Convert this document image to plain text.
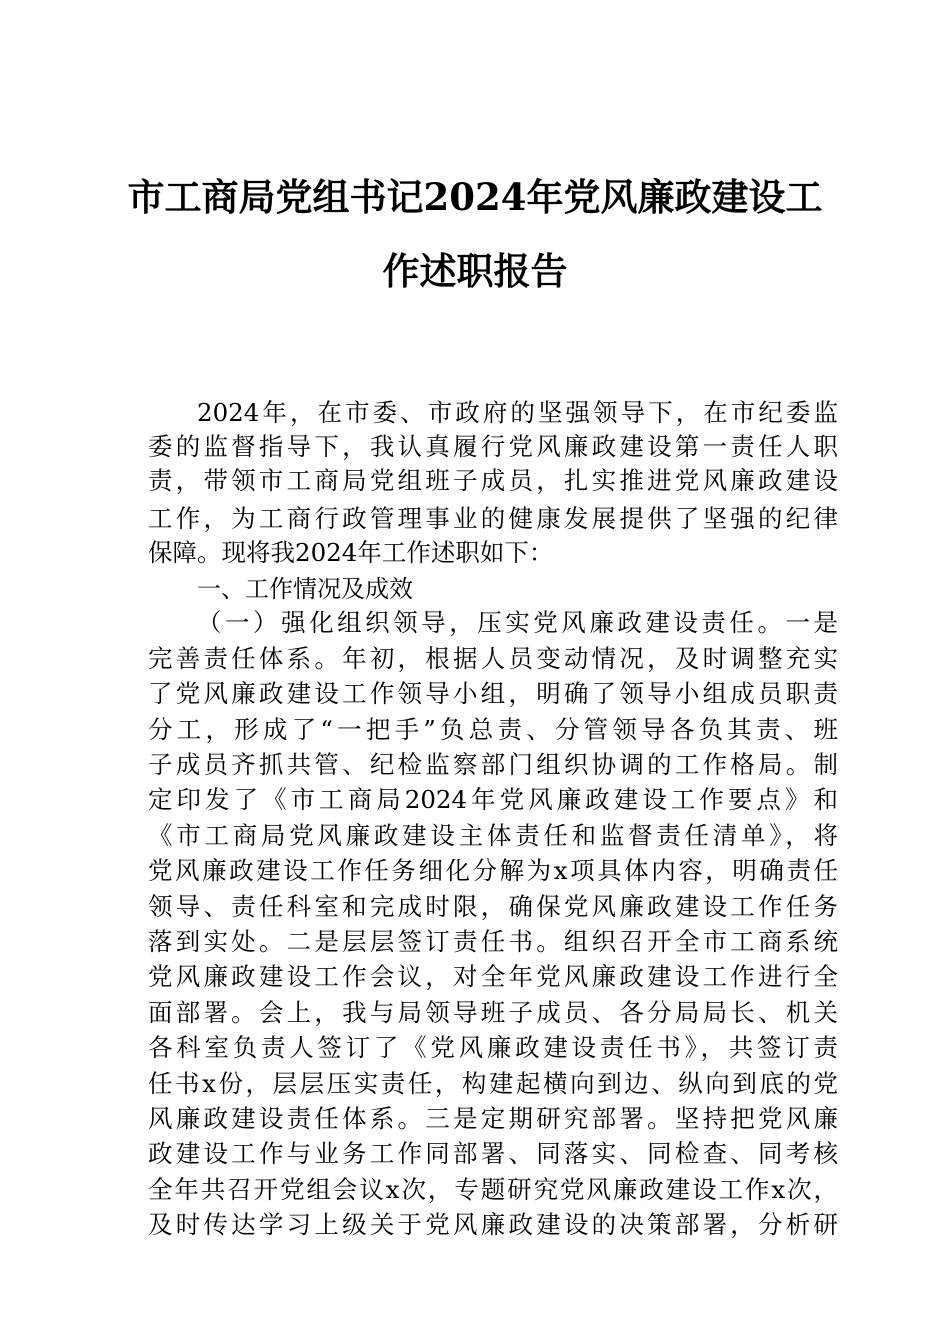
市工商局党组书记2024年党风廉政建设工
作述职报告
2024年，在市委、市政府的坚强领导下，在市纪委监
委的监督指导下，我认真履行党风廉政建设第一责任人职
责，带领市工商局党组班子成员，扎实推进党风廉政建设
工作，为工商行政管理事业的健康发展提供了坚强的纪律
保障。现将我2024年工作述职如下：
一、工作情况及成效
（一）强化组织领导，压实党风廉政建设责任。一是
完善责任体系。年初，根据人员变动情况，及时调整充实
了党风廉政建设工作领导小组，明确了领导小组成员职责
分工，形成了“一把手”负总责、分管领导各负其责、班
子成员齐抓共管、纪检监察部门组织协调的工作格局。制
定印发了《市工商局2024年党风廉政建设工作要点》和
《市工商局党风廉政建设主体责任和监督责任清单》，将
党风廉政建设工作任务细化分解为x项具体内容，明确责任
领导、责任科室和完成时限，确保党风廉政建设工作任务
落到实处。二是层层签订责任书。组织召开全市工商系统
党风廉政建设工作会议，对全年党风廉政建设工作进行全
面部署。会上，我与局领导班子成员、各分局局长、机关
各科室负责人签订了《党风廉政建设责任书》，共签订责
任书x份，层层压实责任，构建起横向到边、纵向到底的党
风廉政建设责任体系。三是定期研究部署。坚持把党风廉
政建设工作与业务工作同部署、同落实、同检查、同考核
全年共召开党组会议x次，专题研究党风廉政建设工作x次，
及时传达学习上级关于党风廉政建设的决策部署，分析研
